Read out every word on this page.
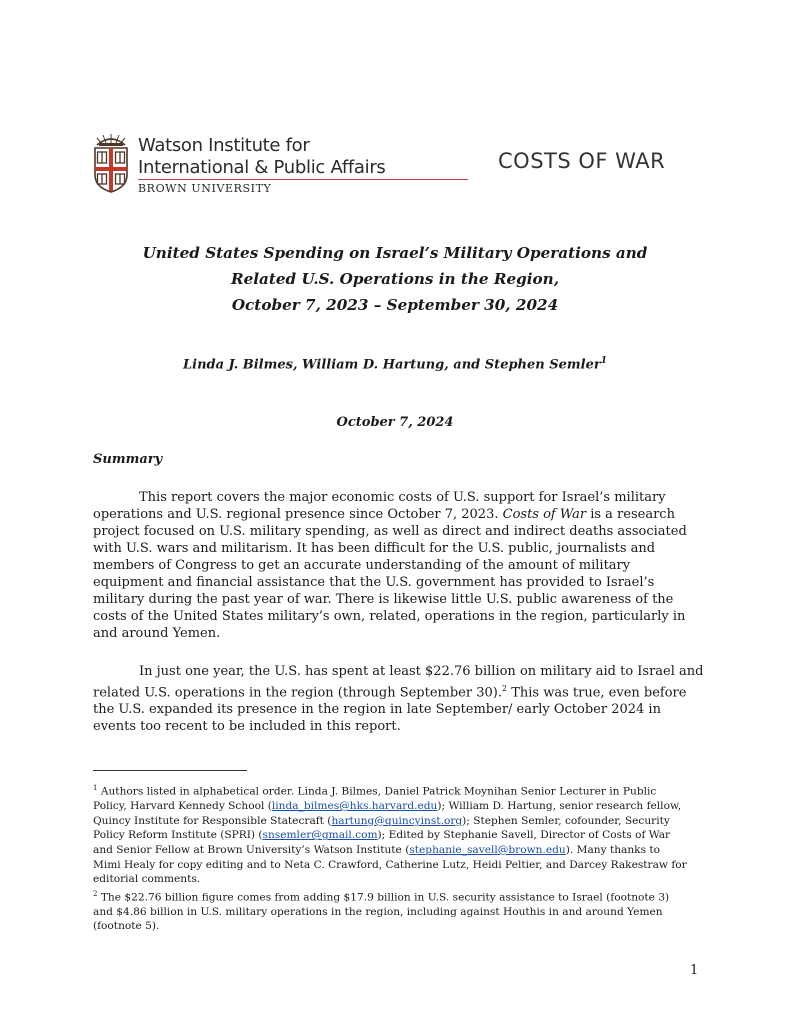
Watson Institute for
International & Public Affairs
BROWN UNIVERSITY
COSTS OF WAR
United States Spending on Israel’s Military Operations and
Related U.S. Operations in the Region,
October 7, 2023 – September 30, 2024
Linda J. Bilmes, William D. Hartung, and Stephen Semler$^1$
October 7, 2024
Summary
This report covers the major economic costs of U.S. support for Israel’s military
operations and U.S. regional presence since October 7, 2023. Costs of War is a research
project focused on U.S. military spending, as well as direct and indirect deaths associated
with U.S. wars and militarism. It has been difficult for the U.S. public, journalists and
members of Congress to get an accurate understanding of the amount of military
equipment and financial assistance that the U.S. government has provided to Israel’s
military during the past year of war. There is likewise little U.S. public awareness of the
costs of the United States military’s own, related, operations in the region, particularly in
and around Yemen.
In just one year, the U.S. has spent at least $22.76 billion on military aid to Israel and
related U.S. operations in the region (through September 30).$^2$ This was true, even before
the U.S. expanded its presence in the region in late September/ early October 2024 in
events too recent to be included in this report.
$^1$ Authors listed in alphabetical order. Linda J. Bilmes, Daniel Patrick Moynihan Senior Lecturer in Public
Policy, Harvard Kennedy School (linda_bilmes@hks.harvard.edu); William D. Hartung, senior research fellow,
Quincy Institute for Responsible Statecraft (hartung@quincyinst.org); Stephen Semler, cofounder, Security
Policy Reform Institute (SPRI) (snsemler@gmail.com); Edited by Stephanie Savell, Director of Costs of War
and Senior Fellow at Brown University’s Watson Institute (stephanie_savell@brown.edu). Many thanks to
Mimi Healy for copy editing and to Neta C. Crawford, Catherine Lutz, Heidi Peltier, and Darcey Rakestraw for
editorial comments.
$^2$ The $22.76 billion figure comes from adding $17.9 billion in U.S. security assistance to Israel (footnote 3)
and $4.86 billion in U.S. military operations in the region, including against Houthis in and around Yemen
(footnote 5).
1
